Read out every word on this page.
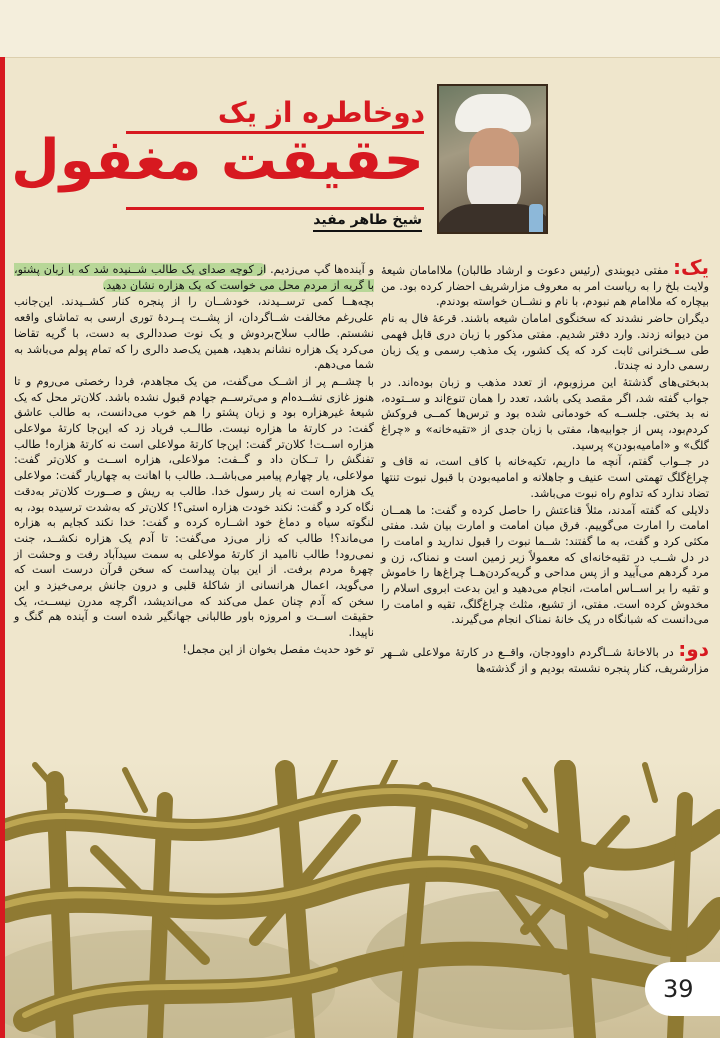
دوخاطره از یک
حقیقت مغفول
شیخ طاهر مفید

یک: مفتی دیوبندی (رئیس دعوت و ارشاد طالبان) ملاامامان شیعهٔ ولایت بلخ را به ریاست امر به معروف مزارشریف احضار کرده بود. من بیچاره که ملاامام هم نبودم، با نام و نشــان خواسته بودندم.

دیگران حاضر نشدند که سخنگوی امامان شیعه باشند. قرعهٔ فال به نام من دیوانه زدند. وارد دفتر شدیم. مفتی مذکور با زبان دری قابل فهمی طی ســخنرانی ثابت کرد که یک کشور، یک مذهب رسمی و یک زبان رسمی دارد نه چندتا.

بدبختی‌های گذشتهٔ این مرزوبوم، از تعدد مذهب و زبان بوده‌اند. در جواب گفته شد، اگر مقصد یکی باشد، تعدد را همان تنوع‌اند و ســتوده، نه بد بختی. جلســه که خودمانی شده بود و ترس‌ها کمــی فروکش کردم‌بود، پس از جوابیه‌ها، مفتی با زبان جدی از «تقیه‌خانه» و «چراغ گلگ» و «امامیه‌بودن» پرسید.

در جــواب گفتم، آنچه ما داریم، تکیه‌خانه با کاف است، نه قاف و چراغ‌گلگ تهمتی است عنیف و جاهلانه و امامیه‌بودن با قبول نبوت تنتها تضاد ندارد که تداوم راه نبوت می‌باشد.

دلایلی که گفته آمدند، مثلاً قناعتش را حاصل کرده و گفت: ما همــان امامت را امارت می‌گوییم. فرق میان امامت و امارت بیان شد. مفتی مکثی کرد و گفت، به ما گفتند: شــما نبوت را قبول ندارید و امامت را در دل شــب در تقیه‌خانه‌ای که معمولاً زیر زمین است و نمناک، زن و مرد گردهم می‌آیید و از پس مداحی و گریه‌کردن‌هــا چراغ‌ها را خاموش و تقیه را بر اســاس امامت، انجام می‌دهید و این بدعت ابروی اسلام را مخدوش کرده است. مفتی، از تشیع، مثلث چراغ‌گلگ، تقیه و امامت را می‌دانست که شبانگاه در یک خانهٔ نمناک انجام می‌گیرند.

دو: در بالاخانهٔ شــاگردم داوودجان، واقــع در کارتهٔ مولاعلی شــهر مزارشریف، کنار پنجره نشسته بودیم و از گذشته‌ها

و آینده‌ها گپ می‌زدیم. از کوچه صدای یک طالب شــنیده شد که با زبان پشتو، با گریه از مردم محل می خواست که یک هزاره نشان دهید.

بچه‌هــا کمی ترســیدند، خودشــان را از پنجره کنار کشــیدند. این‌جانب علی‌رغم مخالفت شــاگردان، از پشــت پــردهٔ توری ارسی به تماشای واقعه نشستم. طالب سلاح‌بردوش و یک نوت صددالری به دست، با گریه تقاضا می‌کرد یک هزاره نشانم بدهید، همین یک‌صد دالری را که تمام پولم می‌باشد به شما می‌دهم.

با چشــم پر از اشــک می‌گفت، من یک مجاهدم، فردا رخصتی می‌روم و تا هنوز غازی نشــده‌ام و می‌ترســم جهادم قبول نشده باشد. کلان‌تر محل که یک شیعهٔ غیرهزاره بود و زبان پشتو را هم خوب می‌دانست، به طالب عاشق گفت: در کارتهٔ ما هزاره نیست. طالــب فریاد زد که این‌جا کارتهٔ مولاعلی هزاره اســت! کلان‌تر گفت: این‌جا کارتهٔ مولاعلی است نه کارتهٔ هزاره! طالب تفنگش را تــکان داد و گــفت: مولاعلی، هزاره اســت و کلان‌تر گفت: مولاعلی، یار چهارم پیامبر می‌باشــد. طالب با اهانت به چهاریار گفت: مولاعلی یک هزاره است نه یار رسول خدا. طالب به ریش و صــورت کلان‌تر به‌دقت نگاه کرد و گفت: نکند خودت هزاره استی؟! کلان‌تر که به‌شدت ترسیده بود، به لنگوته سیاه و دماغ خود اشــاره کرده و گفت: خدا نکند کجایم به هزاره می‌ماند؟! طالب که زار می‌زد می‌گفت: تا آدم یک هزاره نکشــد، جنت نمی‌رود! طالب ناامید از کارتهٔ مولاعلی به سمت سیدآباد رفت و وحشت از چهرهٔ مردم برفت. از این بیان پیداست که سخن قرآن درست است که می‌گوید، اعمال هرانسانی از شاکلهٔ قلبی و درون جانش برمی‌خیزد و این سخن که آدم چنان عمل می‌کند که می‌اندیشد، اگرچه مدرن نیســت، یک حقیقت اســت و امروزه باور طالبانی جهانگیر شده است و آینده هم گنگ و ناپیدا.

تو خود حدیث مفصل بخوان از این مجمل!

39
